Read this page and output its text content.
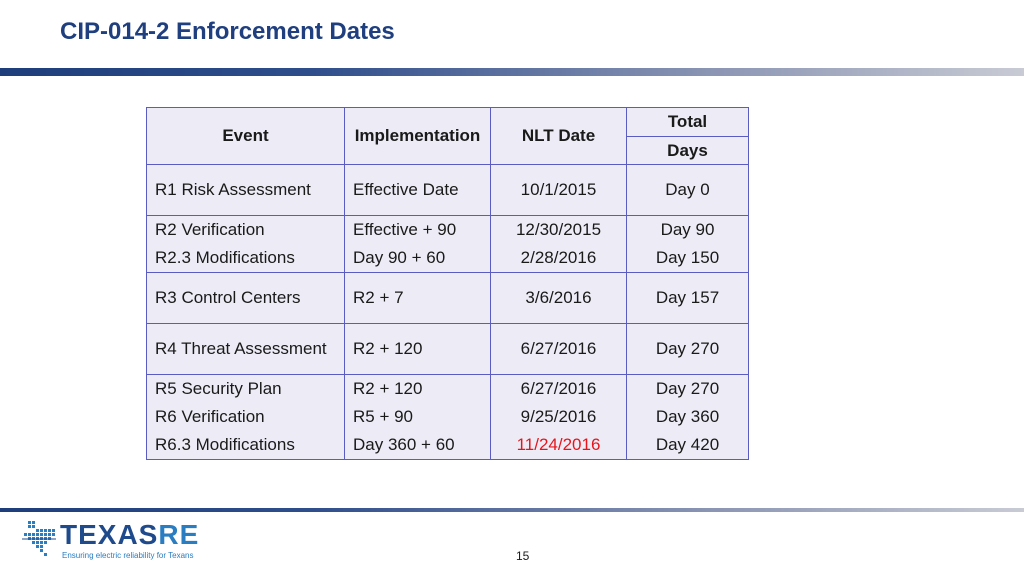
CIP-014-2 Enforcement Dates
Event	Implementation	NLT Date	Total
			Days
R1 Risk Assessment	Effective Date	10/1/2015	Day 0
R2 Verification	Effective + 90	12/30/2015	Day 90
R2.3 Modifications	Day 90 + 60	2/28/2016	Day 150
R3 Control Centers	R2 + 7	3/6/2016	Day 157
R4 Threat Assessment	R2 + 120	6/27/2016	Day 270
R5 Security Plan	R2 + 120	6/27/2016	Day 270
R6 Verification	R5 + 90	9/25/2016	Day 360
R6.3 Modifications	Day 360 + 60	11/24/2016	Day 420
TEXASRE
Ensuring electric reliability for Texans	15
